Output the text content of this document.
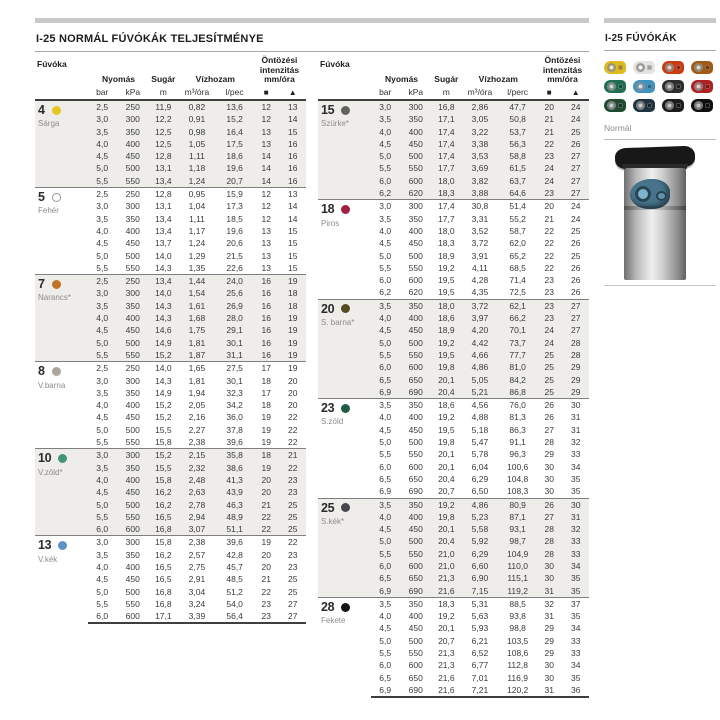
I-25 NORMÁL FÚVÓKÁK TELJESÍTMÉNYE
Fúvóka	Nyomás		Sugár	Vízhozam		Öntözési
intenzitás
mm/óra	

	bar	kPa	m	m³/óra	l/pec	■	▲

4
Sárga	2,5	250	11,9	0,82	13,6	12	13
	3,0	300	12,2	0,91	15,2	12	14
	3,5	350	12,5	0,98	16,4	13	15
	4,0	400	12,5	1,05	17,5	13	16
	4,5	450	12,8	1,11	18,6	14	16
	5,0	500	13,1	1,18	19,6	14	16
	5,5	550	13,4	1,24	20,7	14	16

5
Fehér	2,5	250	12,8	0,95	15,9	12	13
	3,0	300	13,1	1,04	17,3	12	14
	3,5	350	13,4	1,11	18,5	12	14
	4,0	400	13,4	1,17	19,6	13	15
	4,5	450	13,7	1,24	20,6	13	15
	5,0	500	14,0	1,29	21,5	13	15
	5,5	550	14,3	1,35	22,6	13	15

7
Narancs*	2,5	250	13,4	1,44	24,0	16	19
	3,0	300	14,0	1,54	25,6	16	18
	3,5	350	14,3	1,61	26,9	16	18
	4,0	400	14,3	1,68	28,0	16	19
	4,5	450	14,6	1,75	29,1	16	19
	5,0	500	14,9	1,81	30,1	16	19
	5,5	550	15,2	1,87	31,1	16	19

8
V.barna	2,5	250	14,0	1,65	27,5	17	19
	3,0	300	14,3	1,81	30,1	18	20
	3,5	350	14,9	1,94	32,3	17	20
	4,0	400	15,2	2,05	34,2	18	20
	4,5	450	15,2	2,16	36,0	19	22
	5,0	500	15,5	2,27	37,8	19	22
	5,5	550	15,8	2,38	39,6	19	22

10
V.zöld*	3,0	300	15,2	2,15	35,8	18	21
	3,5	350	15,5	2,32	38,6	19	22
	4,0	400	15,8	2,48	41,3	20	23
	4,5	450	16,2	2,63	43,9	20	23
	5,0	500	16,2	2,78	46,3	21	25
	5,5	550	16,5	2,94	48,9	22	25
	6,0	600	16,8	3,07	51,1	22	25

13
V.kék	3,0	300	15,8	2,38	39,6	19	22
	3,5	350	16,2	2,57	42,8	20	23
	4,0	400	16,5	2,75	45,7	20	23
	4,5	450	16,5	2,91	48,5	21	25
	5,0	500	16,8	3,04	51,2	22	25
	5,5	550	16,8	3,24	54,0	23	27
	6,0	600	17,1	3,39	56,4	23	27
Fúvóka	Nyomás		Sugár	Vízhozam		Öntözési
intenzitás
mm/óra	

	bar	kPa	m	m³/óra	l/perc	■	▲

15
Szürke*	3,0	300	16,8	2,86	47,7	20	24
	3,5	350	17,1	3,05	50,8	21	24
	4,0	400	17,4	3,22	53,7	21	25
	4,5	450	17,4	3,38	56,3	22	26
	5,0	500	17,4	3,53	58,8	23	27
	5,5	550	17,7	3,69	61,5	24	27
	6,0	600	18,0	3,82	63,7	24	27
	6,2	620	18,3	3,88	64,6	23	27

18
Piros	3,0	300	17,4	30,8	51,4	20	24
	3,5	350	17,7	3,31	55,2	21	24
	4,0	400	18,0	3,52	58,7	22	25
	4,5	450	18,3	3,72	62,0	22	26
	5,0	500	18,9	3,91	65,2	22	25
	5,5	550	19,2	4,11	68,5	22	26
	6,0	600	19,5	4,28	71,4	23	26
	6,2	620	19,5	4,35	72,5	23	26

20
S. barna*	3,5	350	18,0	3,72	62,1	23	27
	4,0	400	18,6	3,97	66,2	23	27
	4,5	450	18,9	4,20	70,1	24	27
	5,0	500	19,2	4,42	73,7	24	28
	5,5	550	19,5	4,66	77,7	25	28
	6,0	600	19,8	4,86	81,0	25	29
	6,5	650	20,1	5,05	84,2	25	29
	6,9	690	20,4	5,21	86,8	25	29

23
S.zöld	3,5	350	18,6	4,56	76,0	26	30
	4,0	400	19,2	4,88	81,3	26	31
	4,5	450	19,5	5,18	86,3	27	31
	5,0	500	19,8	5,47	91,1	28	32
	5,5	550	20,1	5,78	96,3	29	33
	6,0	600	20,1	6,04	100,6	30	34
	6,5	650	20,4	6,29	104,8	30	35
	6,9	690	20,7	6,50	108,3	30	35

25
S.kék*	3,5	350	19,2	4,86	80,9	26	30
	4,0	400	19,8	5,23	87,1	27	31
	4,5	450	20,1	5,58	93,1	28	32
	5,0	500	20,4	5,92	98,7	28	33
	5,5	550	21,0	6,29	104,9	28	33
	6,0	600	21,0	6,60	110,0	30	34
	6,5	650	21,3	6,90	115,1	30	35
	6,9	690	21,6	7,15	119,2	31	35

28
Fekete	3,5	350	18,3	5,31	88,5	32	37
	4,0	400	19,2	5,63	93,8	31	35
	4,5	450	20,1	5,93	98,8	29	34
	5,0	500	20,7	6,21	103,5	29	33
	5,5	550	21,3	6,52	108,6	29	33
	6,0	600	21,3	6,77	112,8	30	34
	6,5	650	21,6	7,01	116,9	30	35
	6,9	690	21,6	7,21	120,2	31	36
I-25 FÚVÓKÁK
Normál
